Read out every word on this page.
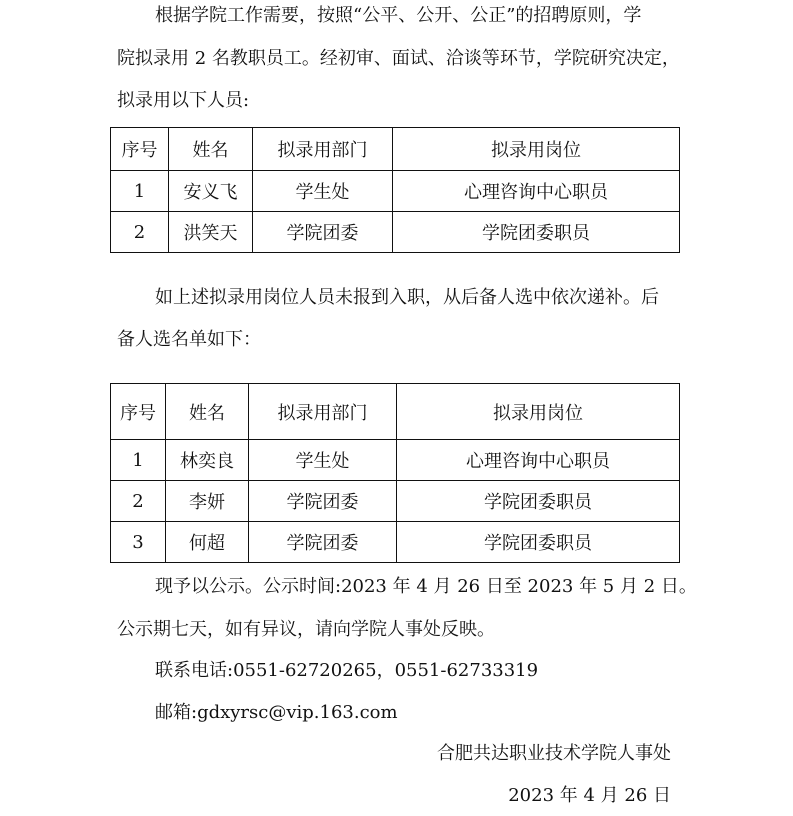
根据学院工作需要，按照“公平、公开、公正”的招聘原则，学
院拟录用 2 名教职员工。经初审、面试、洽谈等环节，学院研究决定，
拟录用以下人员:
序号	姓名	拟录用部门	拟录用岗位
1	安义飞	学生处	心理咨询中心职员
2	洪笑天	学院团委	学院团委职员
如上述拟录用岗位人员未报到入职，从后备人选中依次递补。后
备人选名单如下：
序号	姓名	拟录用部门	拟录用岗位
1	林奕良	学生处	心理咨询中心职员
2	李妍	学院团委	学院团委职员
3	何超	学院团委	学院团委职员
现予以公示。公示时间:2023 年 4 月 26 日至 2023 年 5 月 2 日。
公示期七天，如有异议，请向学院人事处反映。
联系电话:0551-62720265，0551-62733319
邮箱:gdxyrsc@vip.163.com
合肥共达职业技术学院人事处
2023 年 4 月 26 日
